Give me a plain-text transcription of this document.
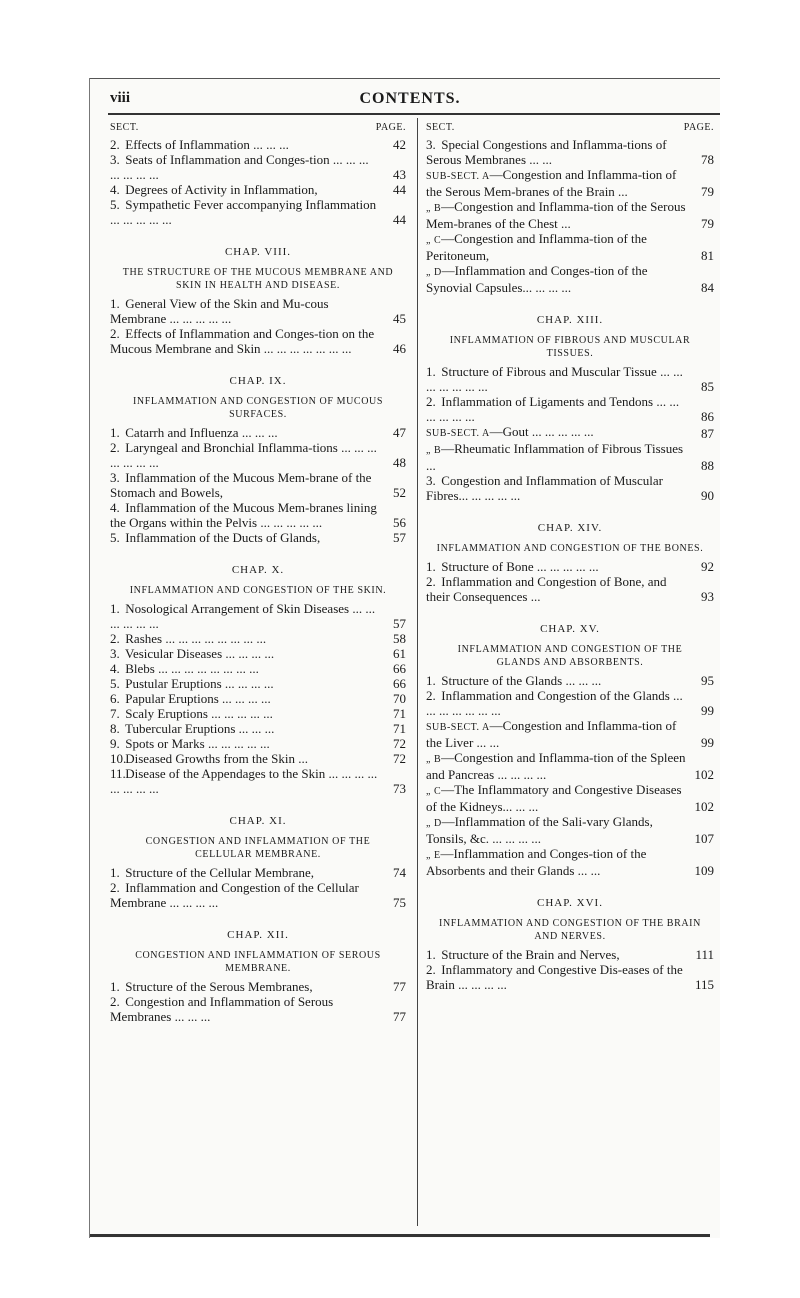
viii	CONTENTS.
SECT.	PAGE.
2. Effects of Inflammation ... ... ...	42
3. Seats of Inflammation and Conges-tion ... ... ... ... ... ... ...	43
4. Degrees of Activity in Inflammation,	44
5. Sympathetic Fever accompanying Inflammation ... ... ... ... ...	44
CHAP. VIII.
THE STRUCTURE OF THE MUCOUS MEMBRANE AND SKIN IN HEALTH AND DISEASE.
1. General View of the Skin and Mu-cous Membrane ... ... ... ... ...	45
2. Effects of Inflammation and Conges-tion on the Mucous Membrane and Skin ... ... ... ... ... ... ...	46
CHAP. IX.
INFLAMMATION AND CONGESTION OF MUCOUS SURFACES.
1. Catarrh and Influenza ... ... ...	47
2. Laryngeal and Bronchial Inflamma-tions ... ... ... ... ... ... ...	48
3. Inflammation of the Mucous Mem-brane of the Stomach and Bowels,	52
4. Inflammation of the Mucous Mem-branes lining the Organs within the Pelvis ... ... ... ... ...	56
5. Inflammation of the Ducts of Glands,	57
CHAP. X.
INFLAMMATION AND CONGESTION OF THE SKIN.
1. Nosological Arrangement of Skin Diseases ... ... ... ... ... ...	57
2. Rashes ... ... ... ... ... ... ... ...	58
3. Vesicular Diseases ... ... ... ...	61
4. Blebs ... ... ... ... ... ... ... ...	66
5. Pustular Eruptions ... ... ... ...	66
6. Papular Eruptions ... ... ... ...	70
7. Scaly Eruptions ... ... ... ... ...	71
8. Tubercular Eruptions ... ... ...	71
9. Spots or Marks ... ... ... ... ...	72
10. Diseased Growths from the Skin ...	72
11. Disease of the Appendages to the Skin ... ... ... ... ... ... ... ...	73
CHAP. XI.
CONGESTION AND INFLAMMATION OF THE CELLULAR MEMBRANE.
1. Structure of the Cellular Membrane,	74
2. Inflammation and Congestion of the Cellular Membrane ... ... ... ...	75
CHAP. XII.
CONGESTION AND INFLAMMATION OF SEROUS MEMBRANE.
1. Structure of the Serous Membranes,	77
2. Congestion and Inflammation of Serous Membranes ... ... ...	77
SECT.	PAGE.
3. Special Congestions and Inflamma-tions of Serous Membranes ... ...	78
SUB-SECT. A—Congestion and Inflamma-tion of the Serous Mem-branes of the Brain ...	79
„ B—Congestion and Inflamma-tion of the Serous Mem-branes of the Chest ...	79
„ C—Congestion and Inflamma-tion of the Peritoneum,	81
„ D—Inflammation and Conges-tion of the Synovial Capsules... ... ... ...	84
CHAP. XIII.
INFLAMMATION OF FIBROUS AND MUSCULAR TISSUES.
1. Structure of Fibrous and Muscular Tissue ... ... ... ... ... ... ...	85
2. Inflammation of Ligaments and Tendons ... ... ... ... ... ...	86
SUB-SECT. A—Gout ... ... ... ... ...	87
„ B—Rheumatic Inflammation of Fibrous Tissues ...	88
3. Congestion and Inflammation of Muscular Fibres... ... ... ... ...	90
CHAP. XIV.
INFLAMMATION AND CONGESTION OF THE BONES.
1. Structure of Bone ... ... ... ... ...	92
2. Inflammation and Congestion of Bone, and their Consequences ...	93
CHAP. XV.
INFLAMMATION AND CONGESTION OF THE GLANDS AND ABSORBENTS.
1. Structure of the Glands ... ... ...	95
2. Inflammation and Congestion of the Glands ... ... ... ... ... ... ...	99
SUB-SECT. A—Congestion and Inflamma-tion of the Liver ... ...	99
„ B—Congestion and Inflamma-tion of the Spleen and Pancreas ... ... ... ...	102
„ C—The Inflammatory and Congestive Diseases of the Kidneys... ... ...	102
„ D—Inflammation of the Sali-vary Glands, Tonsils, &c. ... ... ... ...	107
„ E—Inflammation and Conges-tion of the Absorbents and their Glands ... ...	109
CHAP. XVI.
INFLAMMATION AND CONGESTION OF THE BRAIN AND NERVES.
1. Structure of the Brain and Nerves,	111
2. Inflammatory and Congestive Dis-eases of the Brain ... ... ... ...	115
